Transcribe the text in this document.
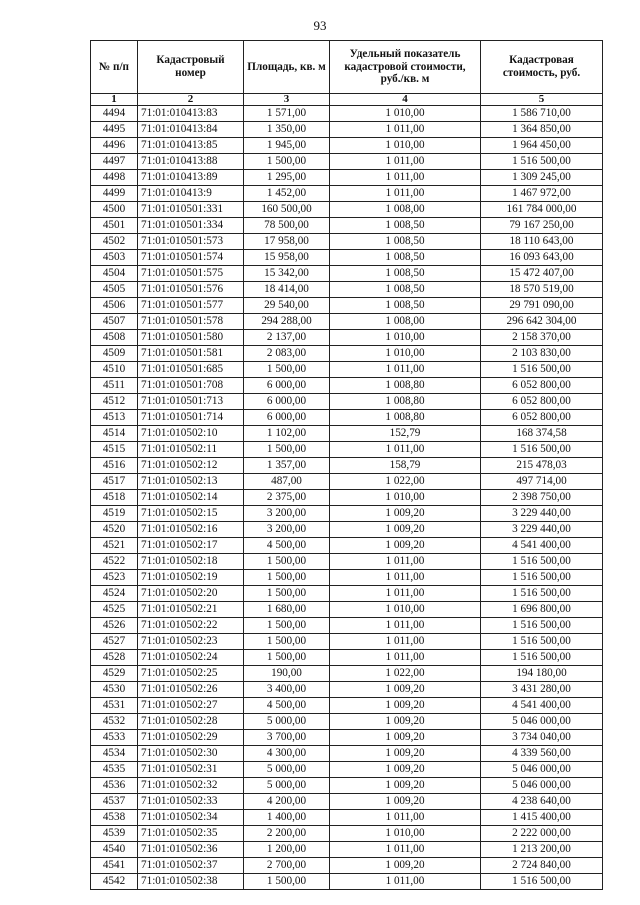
93
№ п/п	Кадастровый номер	Площадь, кв. м	Удельный показатель кадастровой стоимости, руб./кв. м	Кадастровая стоимость, руб.
1	2	3	4	5
4494	71:01:010413:83	1 571,00	1 010,00	1 586 710,00
4495	71:01:010413:84	1 350,00	1 011,00	1 364 850,00
4496	71:01:010413:85	1 945,00	1 010,00	1 964 450,00
4497	71:01:010413:88	1 500,00	1 011,00	1 516 500,00
4498	71:01:010413:89	1 295,00	1 011,00	1 309 245,00
4499	71:01:010413:9	1 452,00	1 011,00	1 467 972,00
4500	71:01:010501:331	160 500,00	1 008,00	161 784 000,00
4501	71:01:010501:334	78 500,00	1 008,50	79 167 250,00
4502	71:01:010501:573	17 958,00	1 008,50	18 110 643,00
4503	71:01:010501:574	15 958,00	1 008,50	16 093 643,00
4504	71:01:010501:575	15 342,00	1 008,50	15 472 407,00
4505	71:01:010501:576	18 414,00	1 008,50	18 570 519,00
4506	71:01:010501:577	29 540,00	1 008,50	29 791 090,00
4507	71:01:010501:578	294 288,00	1 008,00	296 642 304,00
4508	71:01:010501:580	2 137,00	1 010,00	2 158 370,00
4509	71:01:010501:581	2 083,00	1 010,00	2 103 830,00
4510	71:01:010501:685	1 500,00	1 011,00	1 516 500,00
4511	71:01:010501:708	6 000,00	1 008,80	6 052 800,00
4512	71:01:010501:713	6 000,00	1 008,80	6 052 800,00
4513	71:01:010501:714	6 000,00	1 008,80	6 052 800,00
4514	71:01:010502:10	1 102,00	152,79	168 374,58
4515	71:01:010502:11	1 500,00	1 011,00	1 516 500,00
4516	71:01:010502:12	1 357,00	158,79	215 478,03
4517	71:01:010502:13	487,00	1 022,00	497 714,00
4518	71:01:010502:14	2 375,00	1 010,00	2 398 750,00
4519	71:01:010502:15	3 200,00	1 009,20	3 229 440,00
4520	71:01:010502:16	3 200,00	1 009,20	3 229 440,00
4521	71:01:010502:17	4 500,00	1 009,20	4 541 400,00
4522	71:01:010502:18	1 500,00	1 011,00	1 516 500,00
4523	71:01:010502:19	1 500,00	1 011,00	1 516 500,00
4524	71:01:010502:20	1 500,00	1 011,00	1 516 500,00
4525	71:01:010502:21	1 680,00	1 010,00	1 696 800,00
4526	71:01:010502:22	1 500,00	1 011,00	1 516 500,00
4527	71:01:010502:23	1 500,00	1 011,00	1 516 500,00
4528	71:01:010502:24	1 500,00	1 011,00	1 516 500,00
4529	71:01:010502:25	190,00	1 022,00	194 180,00
4530	71:01:010502:26	3 400,00	1 009,20	3 431 280,00
4531	71:01:010502:27	4 500,00	1 009,20	4 541 400,00
4532	71:01:010502:28	5 000,00	1 009,20	5 046 000,00
4533	71:01:010502:29	3 700,00	1 009,20	3 734 040,00
4534	71:01:010502:30	4 300,00	1 009,20	4 339 560,00
4535	71:01:010502:31	5 000,00	1 009,20	5 046 000,00
4536	71:01:010502:32	5 000,00	1 009,20	5 046 000,00
4537	71:01:010502:33	4 200,00	1 009,20	4 238 640,00
4538	71:01:010502:34	1 400,00	1 011,00	1 415 400,00
4539	71:01:010502:35	2 200,00	1 010,00	2 222 000,00
4540	71:01:010502:36	1 200,00	1 011,00	1 213 200,00
4541	71:01:010502:37	2 700,00	1 009,20	2 724 840,00
4542	71:01:010502:38	1 500,00	1 011,00	1 516 500,00
